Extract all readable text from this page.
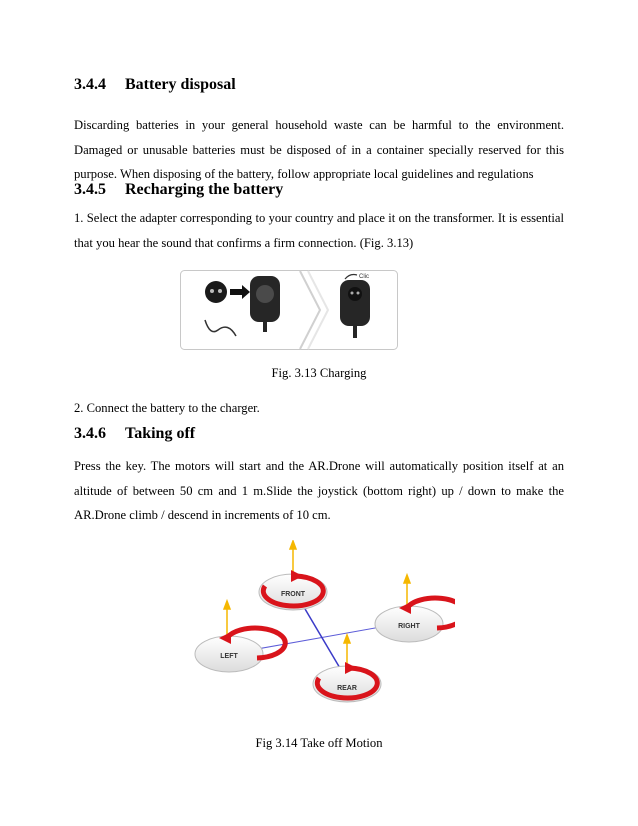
3.4.4 Battery disposal

Discarding batteries in your general household waste can be harmful to the environment. Damaged or unusable batteries must be disposed of in a container specially reserved for this purpose. When disposing of the battery, follow appropriate local guidelines and regulations

3.4.5 Recharging the battery

1. Select the adapter corresponding to your country and place it on the transformer. It is essential that you hear the sound that confirms a firm connection. (Fig. 3.13)

Clic

Fig. 3.13 Charging

2. Connect the battery to the charger.

3.4.6 Taking off

Press the key. The motors will start and the AR.Drone will automatically position itself at an altitude of between 50 cm and 1 m.Slide the joystick (bottom right) up / down to make the AR.Drone climb / descend in increments of 10 cm.

FRONT
RIGHT
LEFT
REAR

Fig 3.14 Take off Motion
